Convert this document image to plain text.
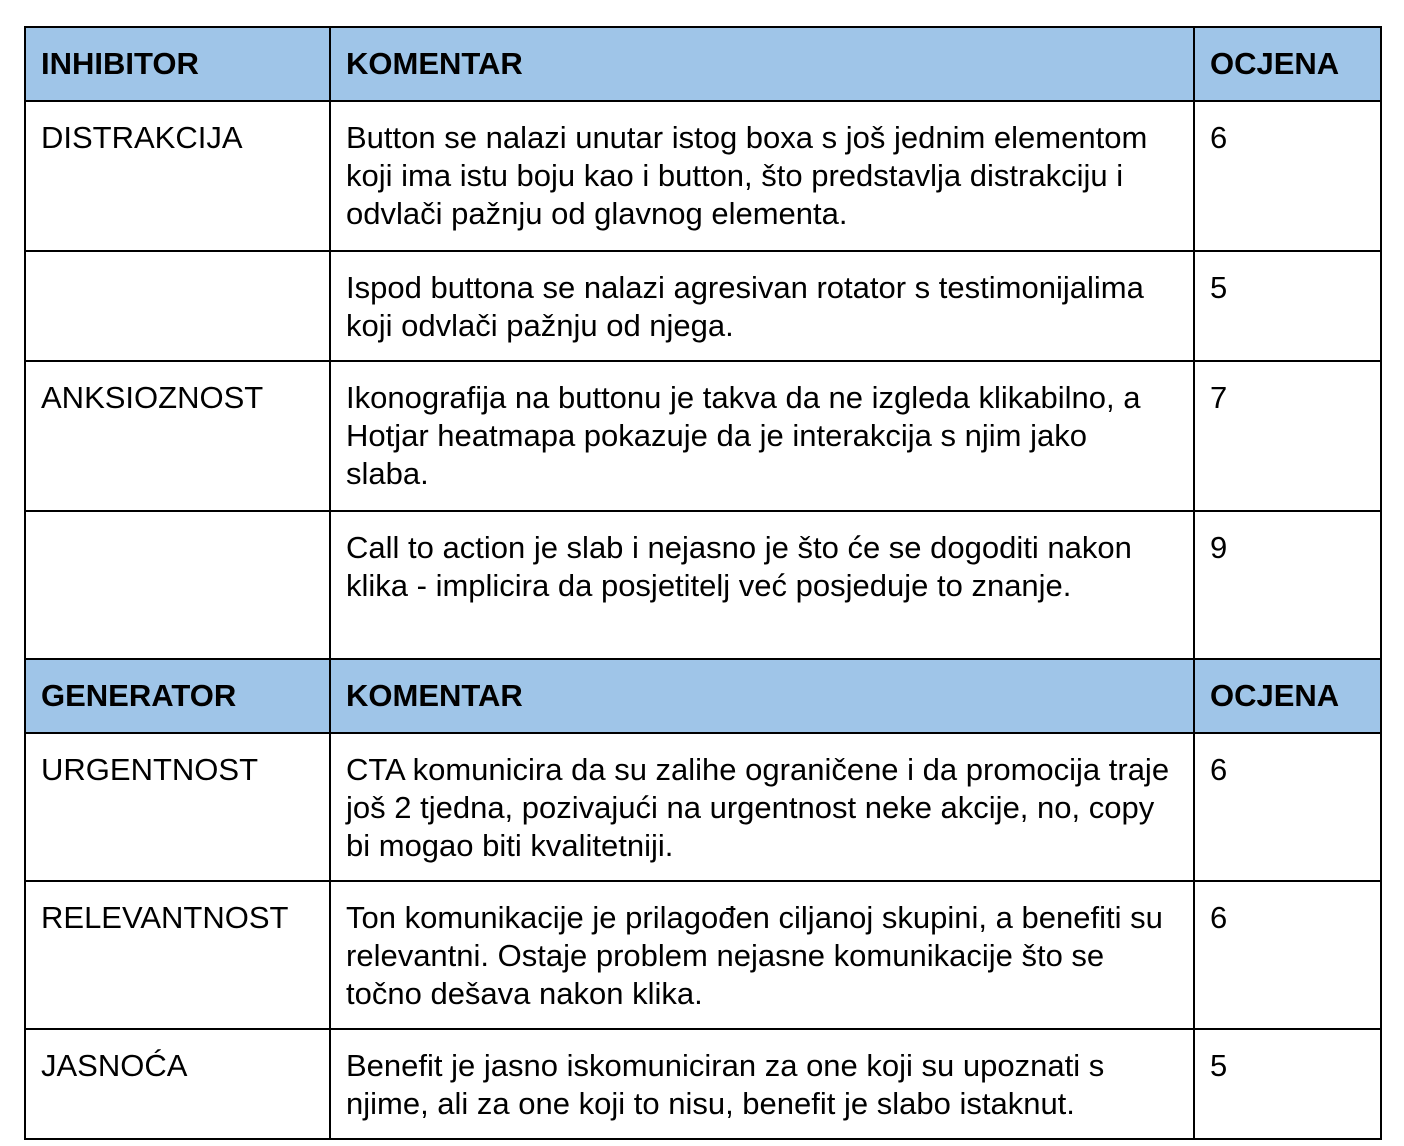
INHIBITOR	KOMENTAR	OCJENA
DISTRAKCIJA	Button se nalazi unutar istog boxa s još jednim elementom koji ima istu boju kao i button, što predstavlja distrakciju i odvlači pažnju od glavnog elementa.	6
	Ispod buttona se nalazi agresivan rotator s testimonijalima koji odvlači pažnju od njega.	5
ANKSIOZNOST	Ikonografija na buttonu je takva da ne izgleda klikabilno, a Hotjar heatmapa pokazuje da je interakcija s njim jako slaba.	7
	Call to action je slab i nejasno je što će se dogoditi nakon klika - implicira da posjetitelj već posjeduje to znanje.	9
GENERATOR	KOMENTAR	OCJENA
URGENTNOST	CTA komunicira da su zalihe ograničene i da promocija traje još 2 tjedna, pozivajući na urgentnost neke akcije, no, copy bi mogao biti kvalitetniji.	6
RELEVANTNOST	Ton komunikacije je prilagođen ciljanoj skupini, a benefiti su relevantni. Ostaje problem nejasne komunikacije što se točno dešava nakon klika.	6
JASNOĆA	Benefit je jasno iskomuniciran za one koji su upoznati s njime, ali za one koji to nisu, benefit je slabo istaknut.	5
